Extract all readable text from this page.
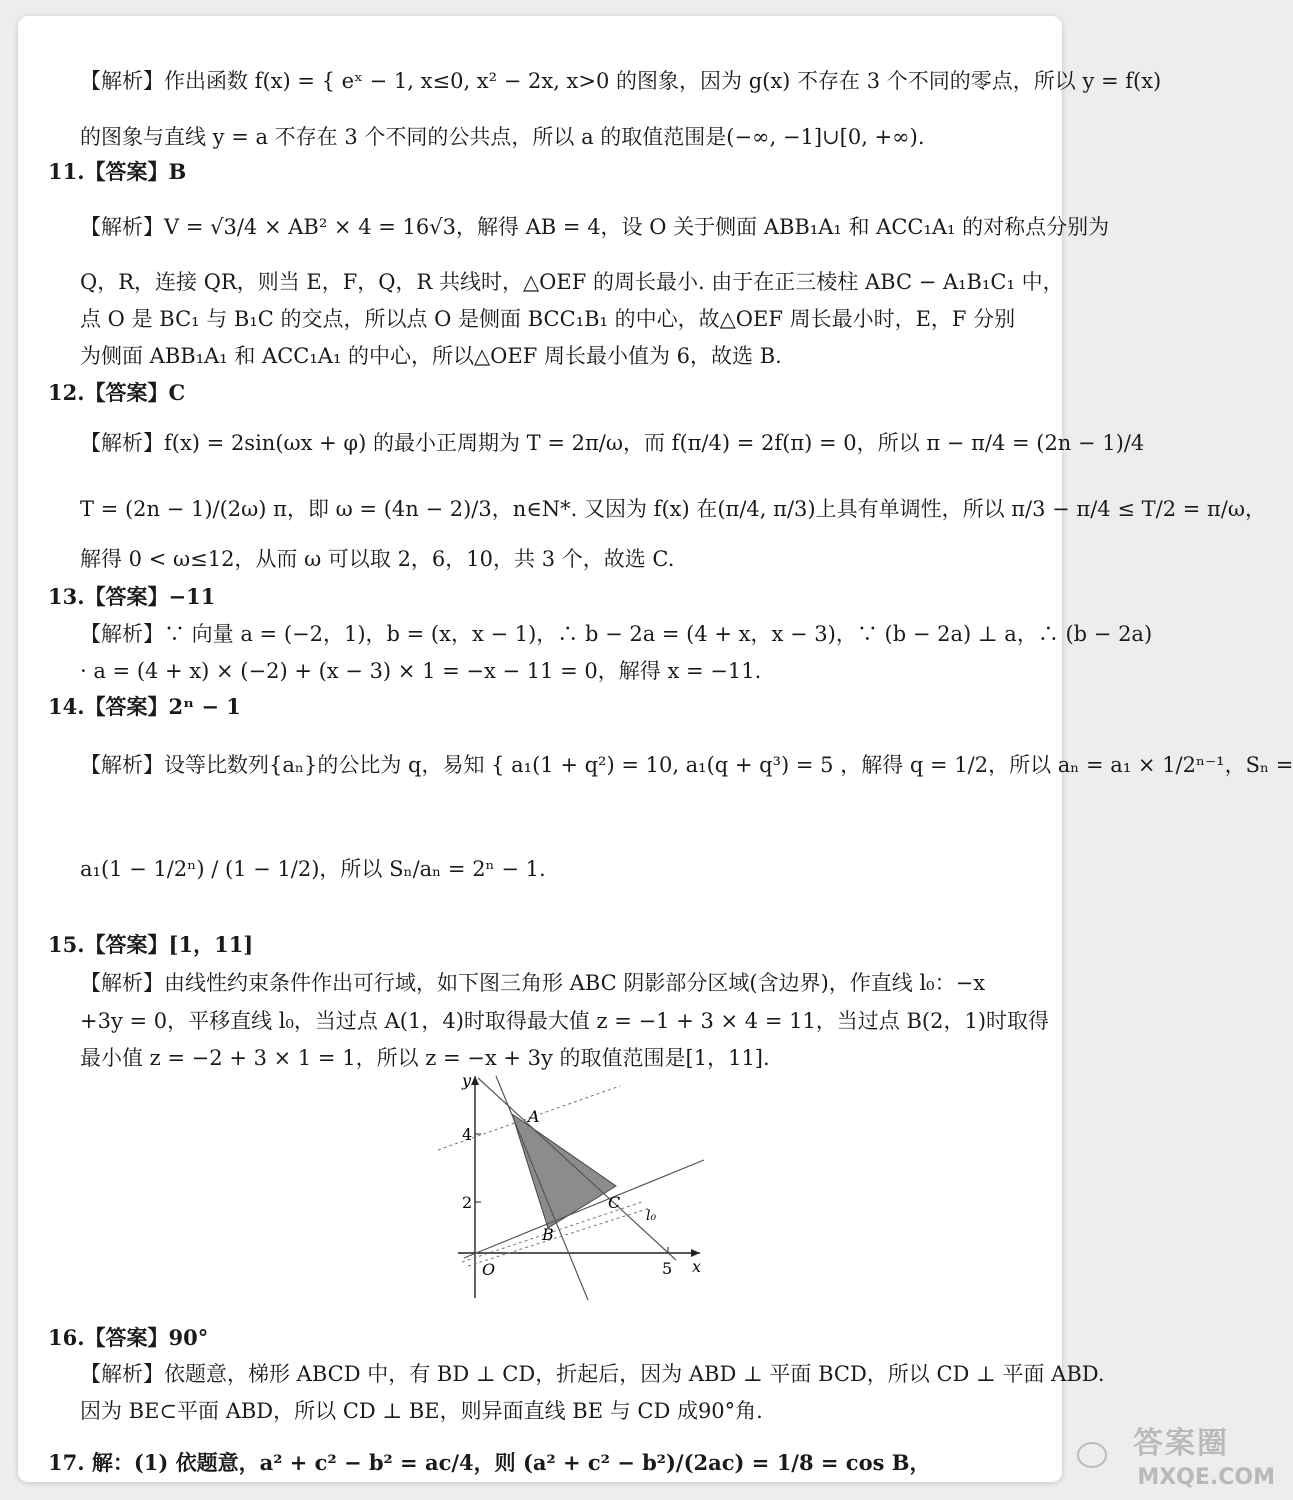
【解析】作出函数 f(x) = { eˣ − 1, x≤0, x² − 2x, x>0 的图象，因为 g(x) 不存在 3 个不同的零点，所以 y = f(x)
的图象与直线 y = a 不存在 3 个不同的公共点，所以 a 的取值范围是(−∞, −1]∪[0, +∞).
11.【答案】B
【解析】V = √3/4 × AB² × 4 = 16√3，解得 AB = 4，设 O 关于侧面 ABB₁A₁ 和 ACC₁A₁ 的对称点分别为
Q，R，连接 QR，则当 E，F，Q，R 共线时，△OEF 的周长最小. 由于在正三棱柱 ABC − A₁B₁C₁ 中，
点 O 是 BC₁ 与 B₁C 的交点，所以点 O 是侧面 BCC₁B₁ 的中心，故△OEF 周长最小时，E，F 分别
为侧面 ABB₁A₁ 和 ACC₁A₁ 的中心，所以△OEF 周长最小值为 6，故选 B.
12.【答案】C
【解析】f(x) = 2sin(ωx + φ) 的最小正周期为 T = 2π/ω，而 f(π/4) = 2f(π) = 0，所以 π − π/4 = (2n − 1)/4
T = (2n − 1)/(2ω) π，即 ω = (4n − 2)/3，n∈N*. 又因为 f(x) 在(π/4, π/3)上具有单调性，所以 π/3 − π/4 ≤ T/2 = π/ω，
解得 0 < ω≤12，从而 ω 可以取 2，6，10，共 3 个，故选 C.
13.【答案】−11
【解析】∵ 向量 a = (−2，1)，b = (x，x − 1)，∴ b − 2a = (4 + x，x − 3)，∵ (b − 2a) ⊥ a，∴ (b − 2a)
· a = (4 + x) × (−2) + (x − 3) × 1 = −x − 11 = 0，解得 x = −11.
14.【答案】2ⁿ − 1
【解析】设等比数列{aₙ}的公比为 q，易知 { a₁(1 + q²) = 10, a₁(q + q³) = 5 ，解得 q = 1/2，所以 aₙ = a₁ × 1/2ⁿ⁻¹，Sₙ =
a₁(1 − 1/2ⁿ) / (1 − 1/2)，所以 Sₙ/aₙ = 2ⁿ − 1.
15.【答案】[1，11]
【解析】由线性约束条件作出可行域，如下图三角形 ABC 阴影部分区域(含边界)，作直线 l₀：−x
+3y = 0，平移直线 l₀，当过点 A(1，4)时取得最大值 z = −1 + 3 × 4 = 11，当过点 B(2，1)时取得
最小值 z = −2 + 3 × 1 = 1，所以 z = −x + 3y 的取值范围是[1，11].
y
x
O
4
2
5
A
B
C
l₀
16.【答案】90°
【解析】依题意，梯形 ABCD 中，有 BD ⊥ CD，折起后，因为 ABD ⊥ 平面 BCD，所以 CD ⊥ 平面 ABD.
因为 BE⊂平面 ABD，所以 CD ⊥ BE，则异面直线 BE 与 CD 成90°角.
17. 解：(1) 依题意，a² + c² − b² = ac/4，则 (a² + c² − b²)/(2ac) = 1/8 = cos B，
答案圈
MXQE.COM
